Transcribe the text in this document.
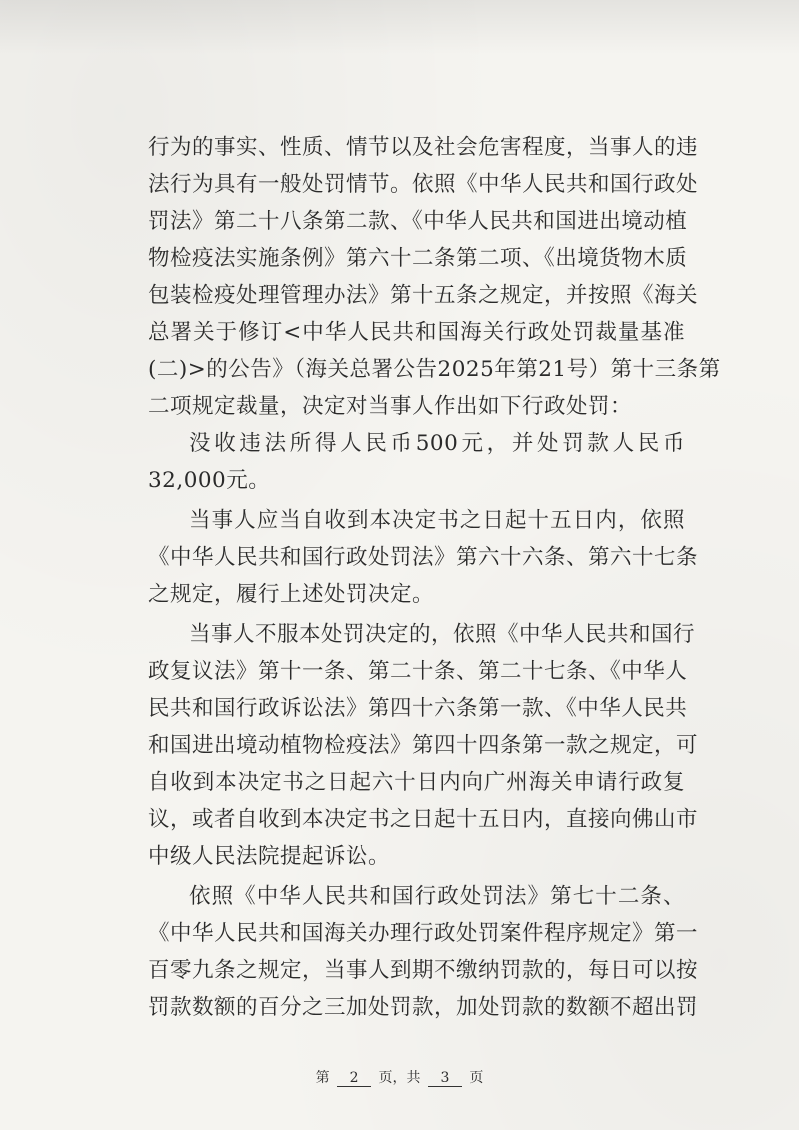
行为的事实、性质、情节以及社会危害程度，当事人的违
法行为具有一般处罚情节。依照《中华人民共和国行政处
罚法》第二十八条第二款、《中华人民共和国进出境动植
物检疫法实施条例》第六十二条第二项、《出境货物木质
包装检疫处理管理办法》第十五条之规定，并按照《海关
总署关于修订<中华人民共和国海关行政处罚裁量基准
(二)>的公告》（海关总署公告2025年第21号）第十三条第
二项规定裁量，决定对当事人作出如下行政处罚：
没收违法所得人民币500元，并处罚款人民币
32,000元。
当事人应当自收到本决定书之日起十五日内，依照
《中华人民共和国行政处罚法》第六十六条、第六十七条
之规定，履行上述处罚决定。
当事人不服本处罚决定的，依照《中华人民共和国行
政复议法》第十一条、第二十条、第二十七条、《中华人
民共和国行政诉讼法》第四十六条第一款、《中华人民共
和国进出境动植物检疫法》第四十四条第一款之规定，可
自收到本决定书之日起六十日内向广州海关申请行政复
议，或者自收到本决定书之日起十五日内，直接向佛山市
中级人民法院提起诉讼。
依照《中华人民共和国行政处罚法》第七十二条、
《中华人民共和国海关办理行政处罚案件程序规定》第一
百零九条之规定，当事人到期不缴纳罚款的，每日可以按
罚款数额的百分之三加处罚款，加处罚款的数额不超出罚
第 2 页，共 3 页
